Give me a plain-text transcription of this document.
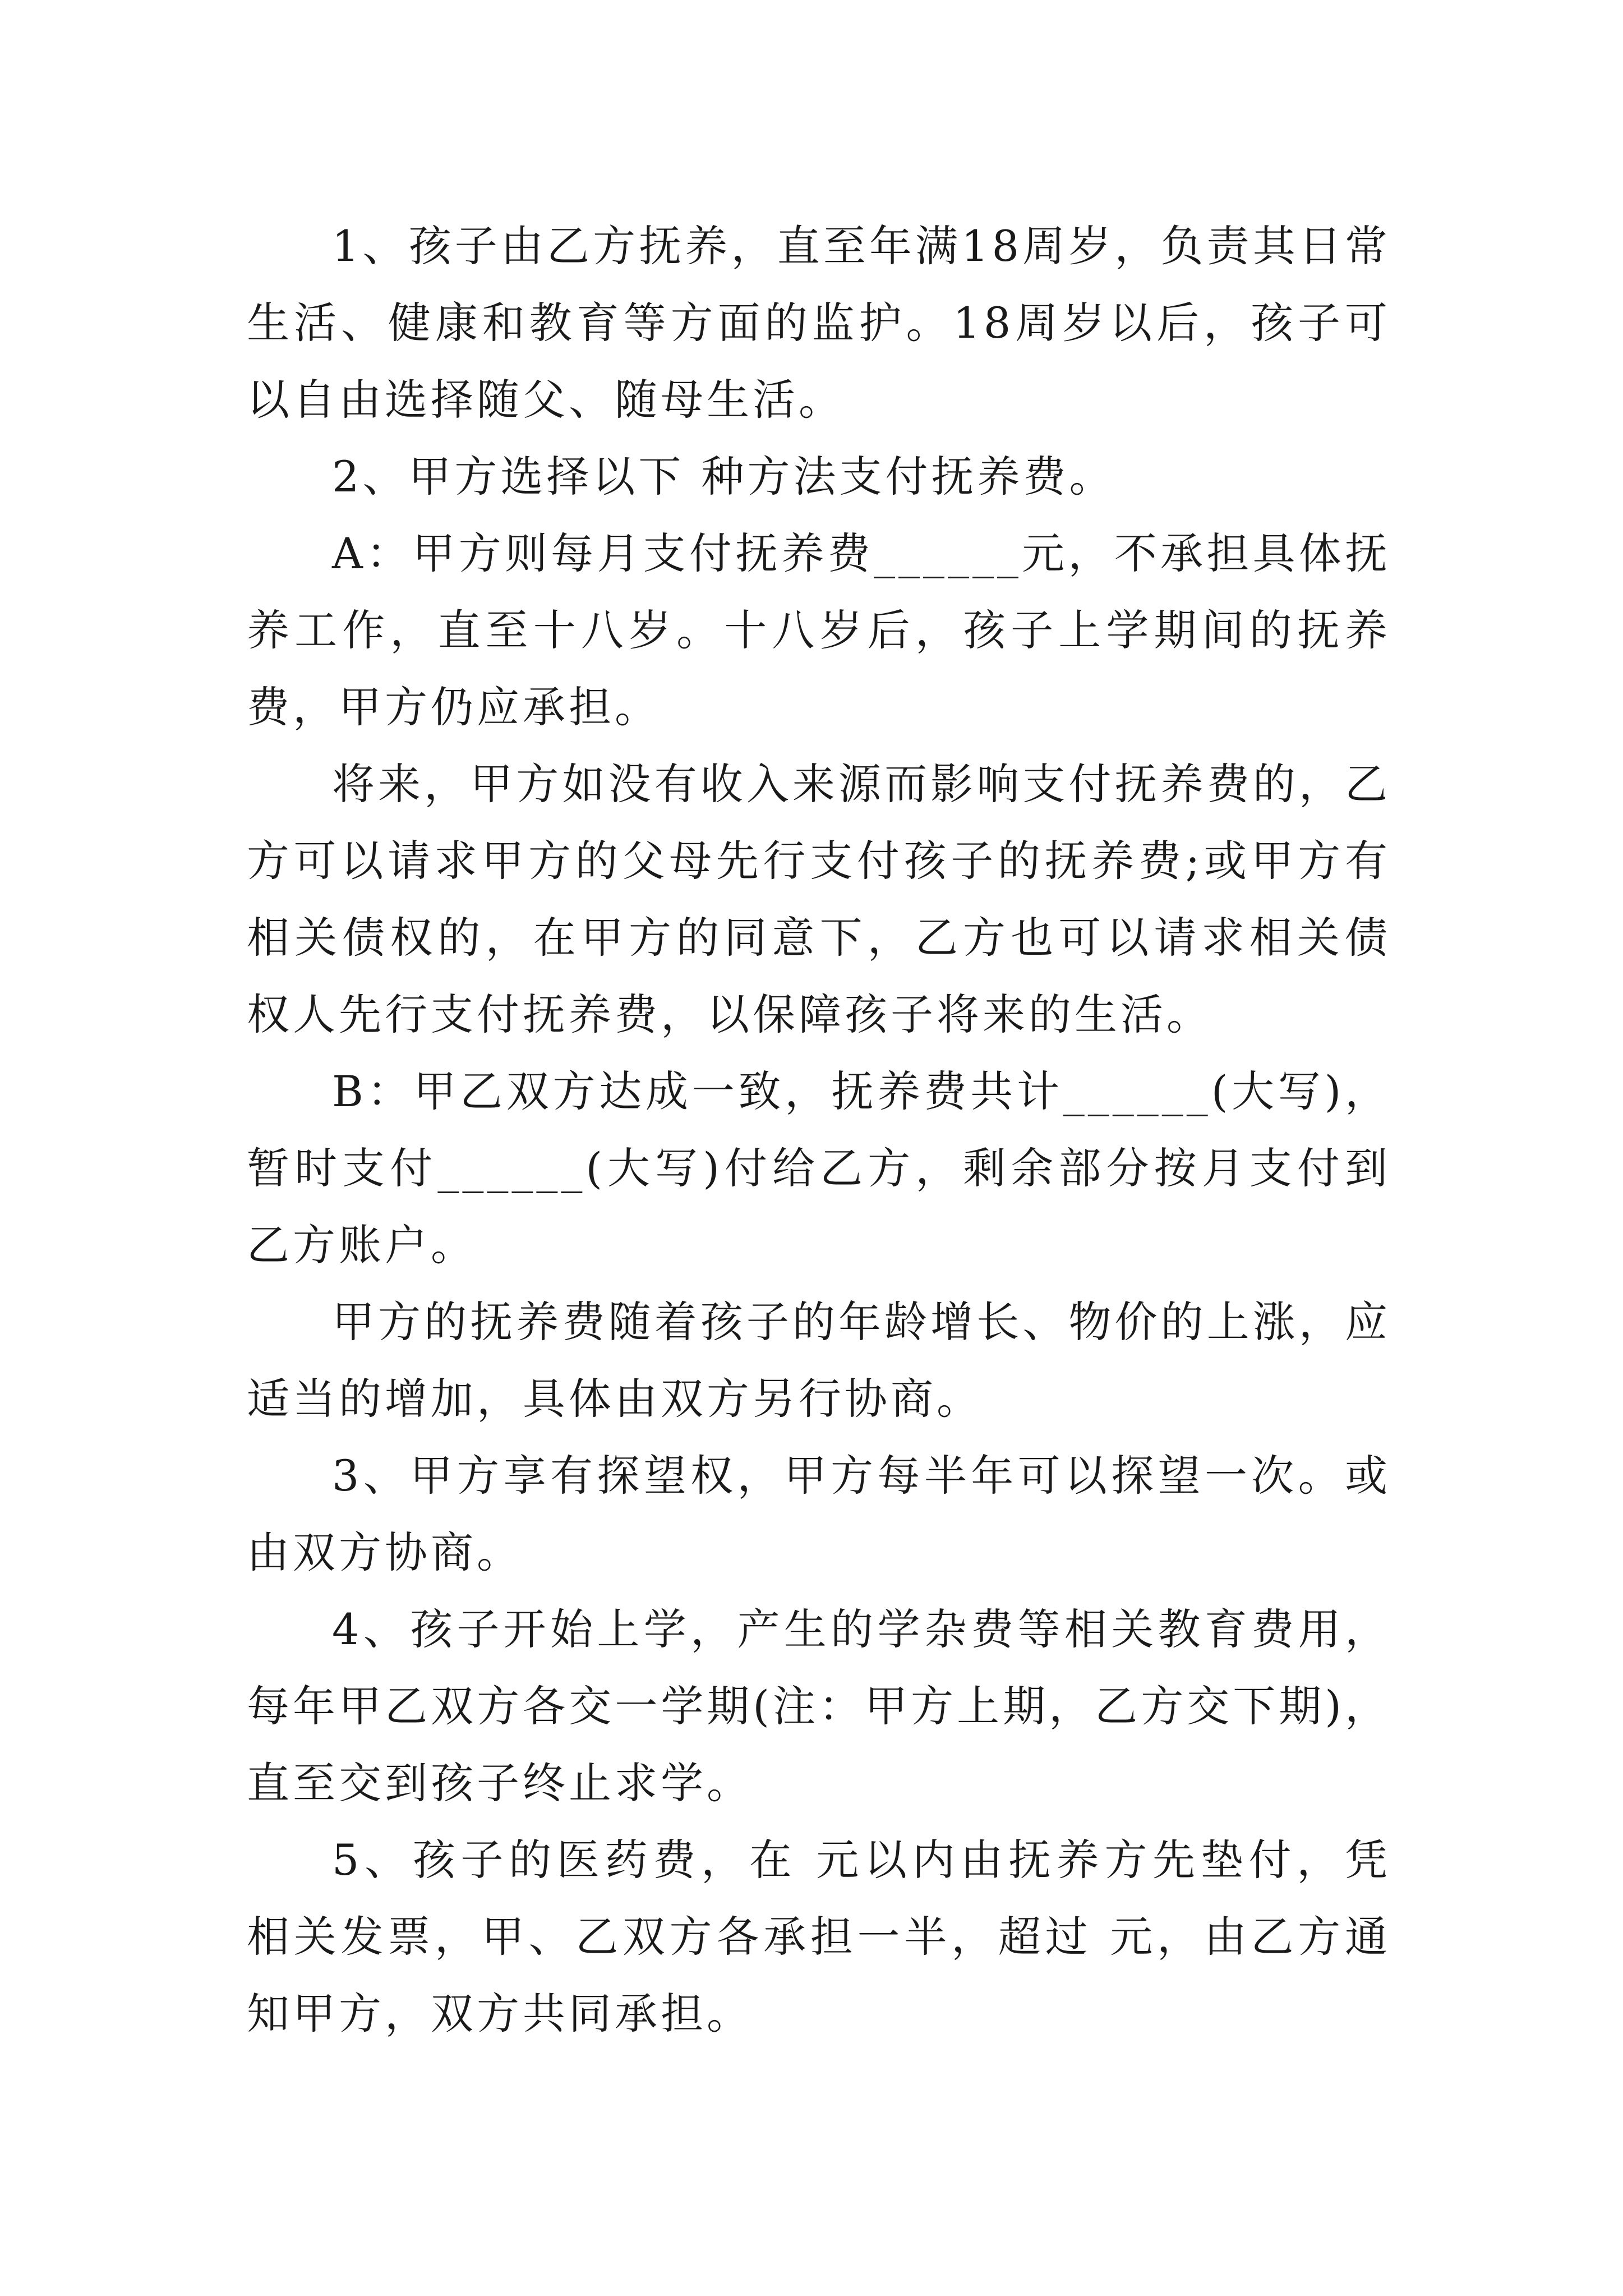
1、孩子由乙方抚养，直至年满18周岁，负责其日常生活、健康和教育等方面的监护。18周岁以后，孩子可以自由选择随父、随母生活。

2、甲方选择以下 种方法支付抚养费。

A：甲方则每月支付抚养费______元，不承担具体抚养工作，直至十八岁。十八岁后，孩子上学期间的抚养费，甲方仍应承担。

将来，甲方如没有收入来源而影响支付抚养费的，乙方可以请求甲方的父母先行支付孩子的抚养费;或甲方有相关债权的，在甲方的同意下，乙方也可以请求相关债权人先行支付抚养费，以保障孩子将来的生活。

B：甲乙双方达成一致，抚养费共计______(大写)，暂时支付______(大写)付给乙方，剩余部分按月支付到乙方账户。

甲方的抚养费随着孩子的年龄增长、物价的上涨，应适当的增加，具体由双方另行协商。

3、甲方享有探望权，甲方每半年可以探望一次。或由双方协商。

4、孩子开始上学，产生的学杂费等相关教育费用，每年甲乙双方各交一学期(注：甲方上期，乙方交下期)，直至交到孩子终止求学。

5、孩子的医药费，在 元以内由抚养方先垫付，凭相关发票，甲、乙双方各承担一半，超过 元，由乙方通知甲方，双方共同承担。
